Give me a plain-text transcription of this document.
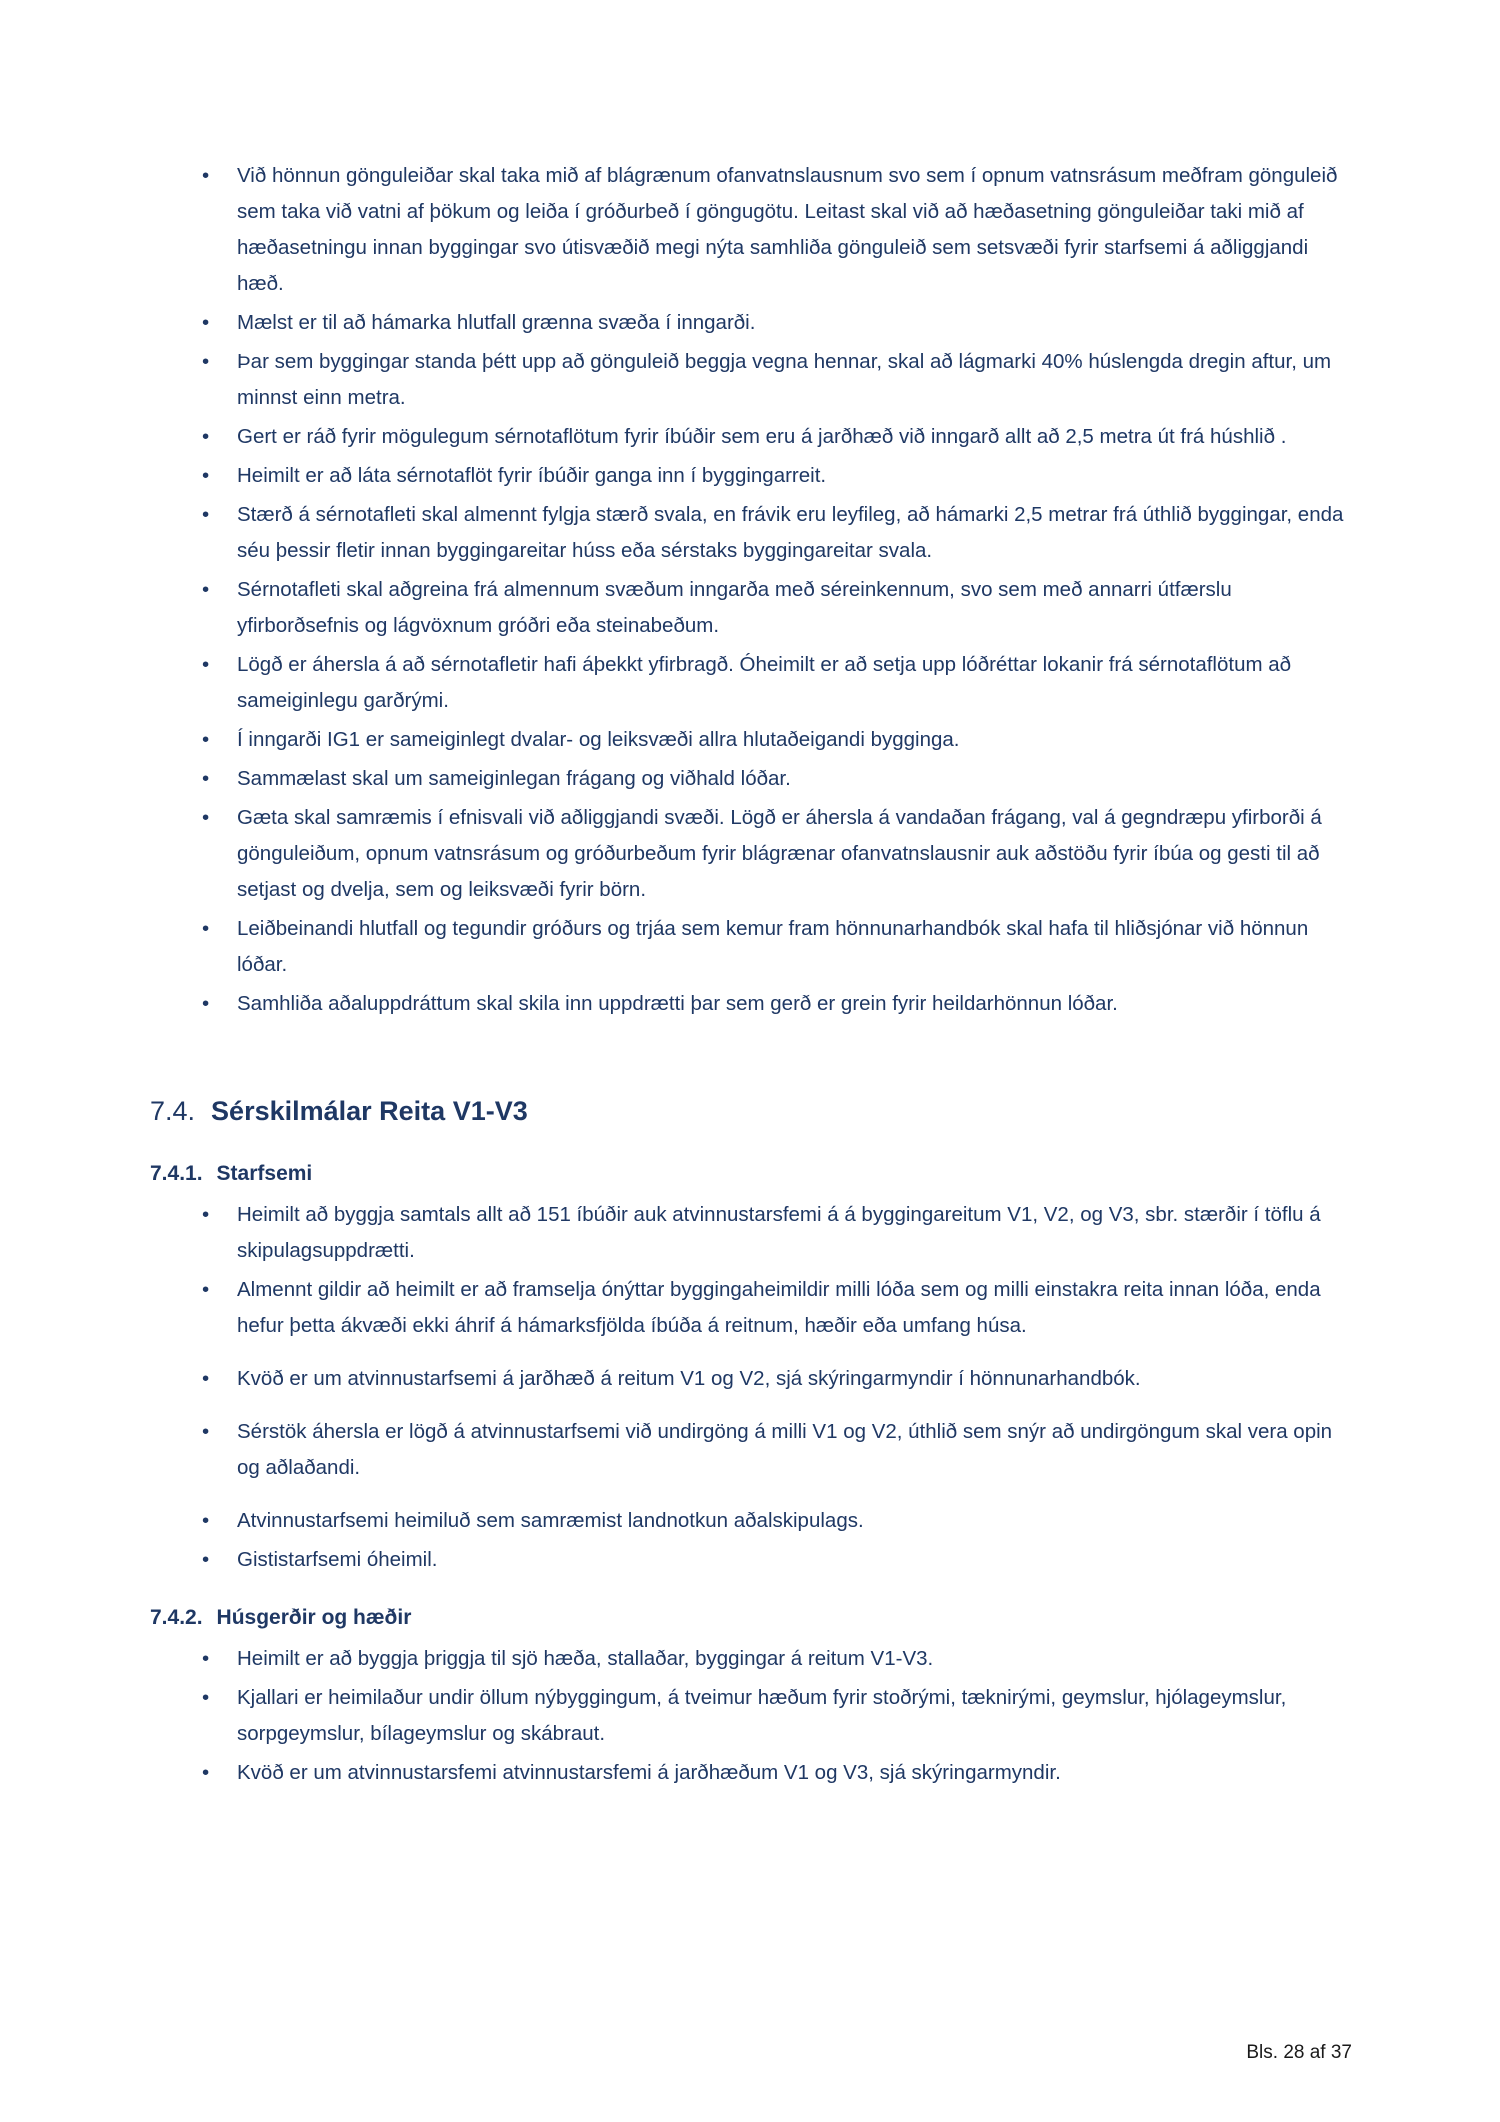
• Við hönnun gönguleiðar skal taka mið af blágrænum ofanvatnslausnum svo sem í opnum vatnsrásum meðfram gönguleið sem taka við vatni af þökum og leiða í gróðurbeð í göngugötu. Leitast skal við að hæðasetning gönguleiðar taki mið af hæðasetningu innan byggingar svo útisvæðið megi nýta samhliða gönguleið sem setsvæði fyrir starfsemi á aðliggjandi hæð.
• Mælst er til að hámarka hlutfall grænna svæða í inngarði.
• Þar sem byggingar standa þétt upp að gönguleið beggja vegna hennar, skal að lágmarki 40% húslengda dregin aftur, um minnst einn metra.
• Gert er ráð fyrir mögulegum sérnotaflötum fyrir íbúðir sem eru á jarðhæð við inngarð allt að 2,5 metra út frá húshlið .
• Heimilt er að láta sérnotaflöt fyrir íbúðir ganga inn í byggingarreit.
• Stærð á sérnotafleti skal almennt fylgja stærð svala, en frávik eru leyfileg, að hámarki 2,5 metrar frá úthlið byggingar, enda séu þessir fletir innan byggingareitar húss eða sérstaks byggingareitar svala.
• Sérnotafleti skal aðgreina frá almennum svæðum inngarða með séreinkennum, svo sem með annarri útfærslu yfirborðsefnis og lágvöxnum gróðri eða steinabeðum.
• Lögð er áhersla á að sérnotafletir hafi áþekkt yfirbragð. Óheimilt er að setja upp lóðréttar lokanir frá sérnotaflötum að sameiginlegu garðrými.
• Í inngarði IG1 er sameiginlegt dvalar- og leiksvæði allra hlutaðeigandi bygginga.
• Sammælast skal um sameiginlegan frágang og viðhald lóðar.
• Gæta skal samræmis í efnisvali við aðliggjandi svæði. Lögð er áhersla á vandaðan frágang, val á gegndræpu yfirborði á gönguleiðum, opnum vatnsrásum og gróðurbeðum fyrir blágrænar ofanvatnslausnir auk aðstöðu fyrir íbúa og gesti til að setjast og dvelja, sem og leiksvæði fyrir börn.
• Leiðbeinandi hlutfall og tegundir gróðurs og trjáa sem kemur fram hönnunarhandbók skal hafa til hliðsjónar við hönnun lóðar.
• Samhliða aðaluppdráttum skal skila inn uppdrætti þar sem gerð er grein fyrir heildarhönnun lóðar.
7.4. Sérskilmálar Reita V1-V3
7.4.1. Starfsemi
• Heimilt að byggja samtals allt að 151 íbúðir auk atvinnustarsfemi á á byggingareitum V1, V2, og V3, sbr. stærðir í töflu á skipulagsuppdrætti.
• Almennt gildir að heimilt er að framselja ónýttar byggingaheimildir milli lóða sem og milli einstakra reita innan lóða, enda hefur þetta ákvæði ekki áhrif á hámarksfjölda íbúða á reitnum, hæðir eða umfang húsa.
• Kvöð er um atvinnustarfsemi á jarðhæð á reitum V1 og V2, sjá skýringarmyndir í hönnunarhandbók.
• Sérstök áhersla er lögð á atvinnustarfsemi við undirgöng á milli V1 og V2, úthlið sem snýr að undirgöngum skal vera opin og aðlaðandi.
• Atvinnustarfsemi heimiluð sem samræmist landnotkun aðalskipulags.
• Gististarfsemi óheimil.
7.4.2. Húsgerðir og hæðir
• Heimilt er að byggja þriggja til sjö hæða, stallaðar, byggingar á reitum V1-V3.
• Kjallari er heimilaður undir öllum nýbyggingum, á tveimur hæðum fyrir stoðrými, tæknirými, geymslur, hjólageymslur, sorpgeymslur, bílageymslur og skábraut.
• Kvöð er um atvinnustarsfemi atvinnustarsfemi á jarðhæðum V1 og V3, sjá skýringarmyndir.
Bls. 28 af 37
